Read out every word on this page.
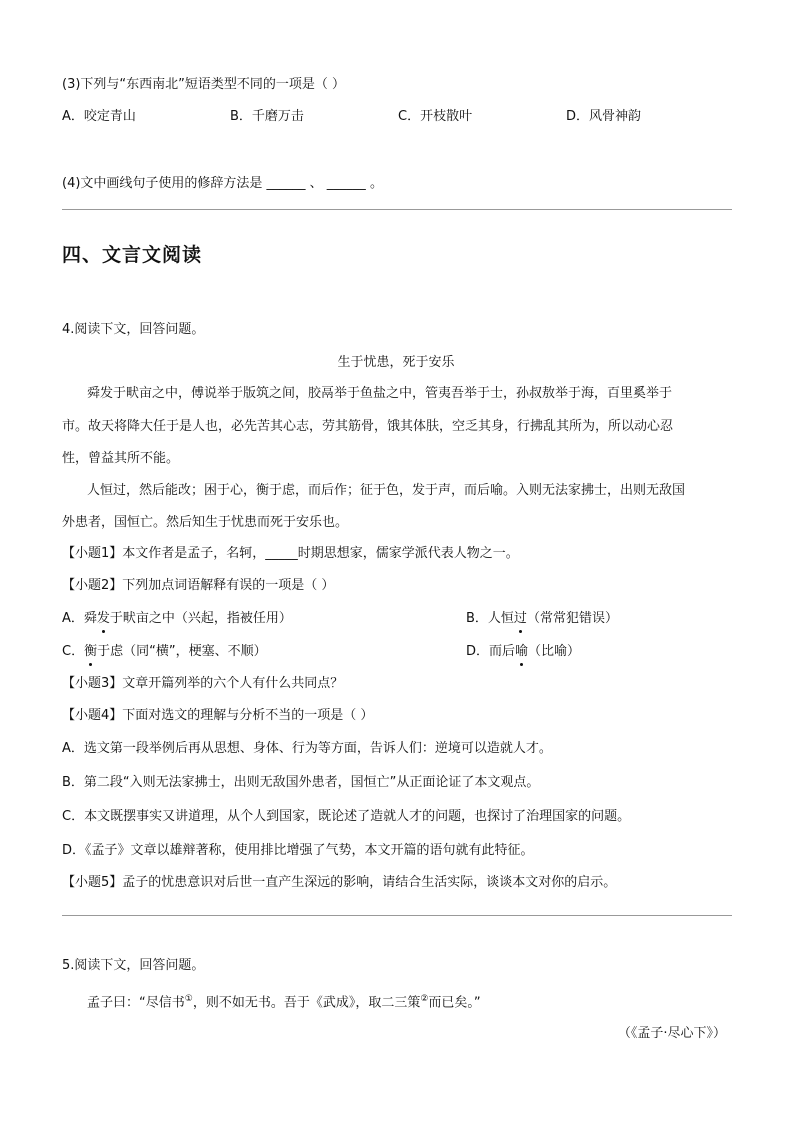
(3)下列与“东西南北”短语类型不同的一项是（ ）
A．咬定青山	B．千磨万击	C．开枝散叶	D．风骨神韵
(4)文中画线句子使用的修辞方法是 ______ 、 ______ 。
四、文言文阅读
4.阅读下文，回答问题。
生于忧患，死于安乐
舜发于畎亩之中，傅说举于版筑之间，胶鬲举于鱼盐之中，管夷吾举于士，孙叔敖举于海，百里奚举于
市。故天将降大任于是人也，必先苦其心志，劳其筋骨，饿其体肤，空乏其身，行拂乱其所为，所以动心忍
性，曾益其所不能。
人恒过，然后能改；困于心，衡于虑，而后作；征于色，发于声，而后喻。入则无法家拂士，出则无敌国
外患者，国恒亡。然后知生于忧患而死于安乐也。
【小题1】本文作者是孟子，名轲，_____时期思想家，儒家学派代表人物之一。
【小题2】下列加点词语解释有误的一项是（ ）
A．舜发于畎亩之中（兴起，指被任用）	B．人恒过（常常犯错误）
C．衡于虑（同“横”，梗塞、不顺）	D．而后喻（比喻）
【小题3】文章开篇列举的六个人有什么共同点？
【小题4】下面对选文的理解与分析不当的一项是（ ）
A．选文第一段举例后再从思想、身体、行为等方面，告诉人们：逆境可以造就人才。
B．第二段“入则无法家拂士，出则无敌国外患者，国恒亡”从正面论证了本文观点。
C．本文既摆事实又讲道理，从个人到国家，既论述了造就人才的问题，也探讨了治理国家的问题。
D．《孟子》文章以雄辩著称，使用排比增强了气势，本文开篇的语句就有此特征。
【小题5】孟子的忧患意识对后世一直产生深远的影响，请结合生活实际，谈谈本文对你的启示。
5.阅读下文，回答问题。
孟子曰：“尽信书①，则不如无书。吾于《武成》，取二三策②而已矣。”
（《孟子·尽心下》）
